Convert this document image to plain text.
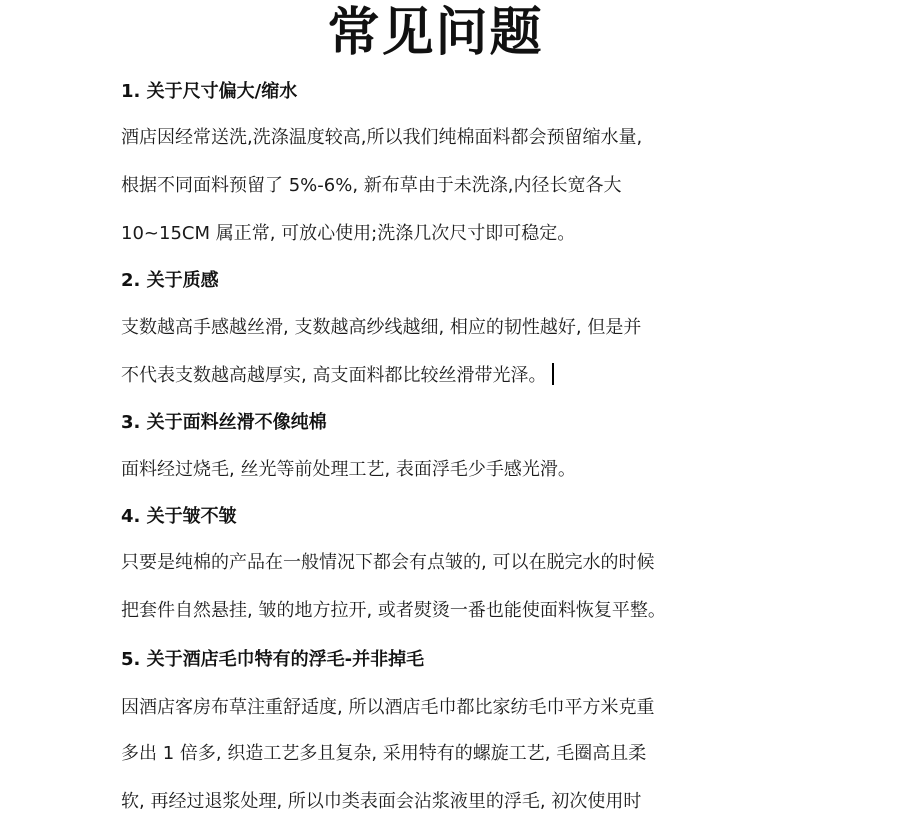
常见问题
1. 关于尺寸偏大/缩水
酒店因经常送洗,洗涤温度较高,所以我们纯棉面料都会预留缩水量,
根据不同面料预留了 5%-6%, 新布草由于未洗涤,内径长宽各大
10~15CM 属正常, 可放心使用;洗涤几次尺寸即可稳定。
2. 关于质感
支数越高手感越丝滑, 支数越高纱线越细, 相应的韧性越好, 但是并
不代表支数越高越厚实, 高支面料都比较丝滑带光泽。
3. 关于面料丝滑不像纯棉
面料经过烧毛, 丝光等前处理工艺, 表面浮毛少手感光滑。
4. 关于皱不皱
只要是纯棉的产品在一般情况下都会有点皱的, 可以在脱完水的时候
把套件自然悬挂, 皱的地方拉开, 或者熨烫一番也能使面料恢复平整。
5. 关于酒店毛巾特有的浮毛-并非掉毛
因酒店客房布草注重舒适度, 所以酒店毛巾都比家纺毛巾平方米克重
多出 1 倍多, 织造工艺多且复杂, 采用特有的螺旋工艺, 毛圈高且柔
软, 再经过退浆处理, 所以巾类表面会沾浆液里的浮毛, 初次使用时
